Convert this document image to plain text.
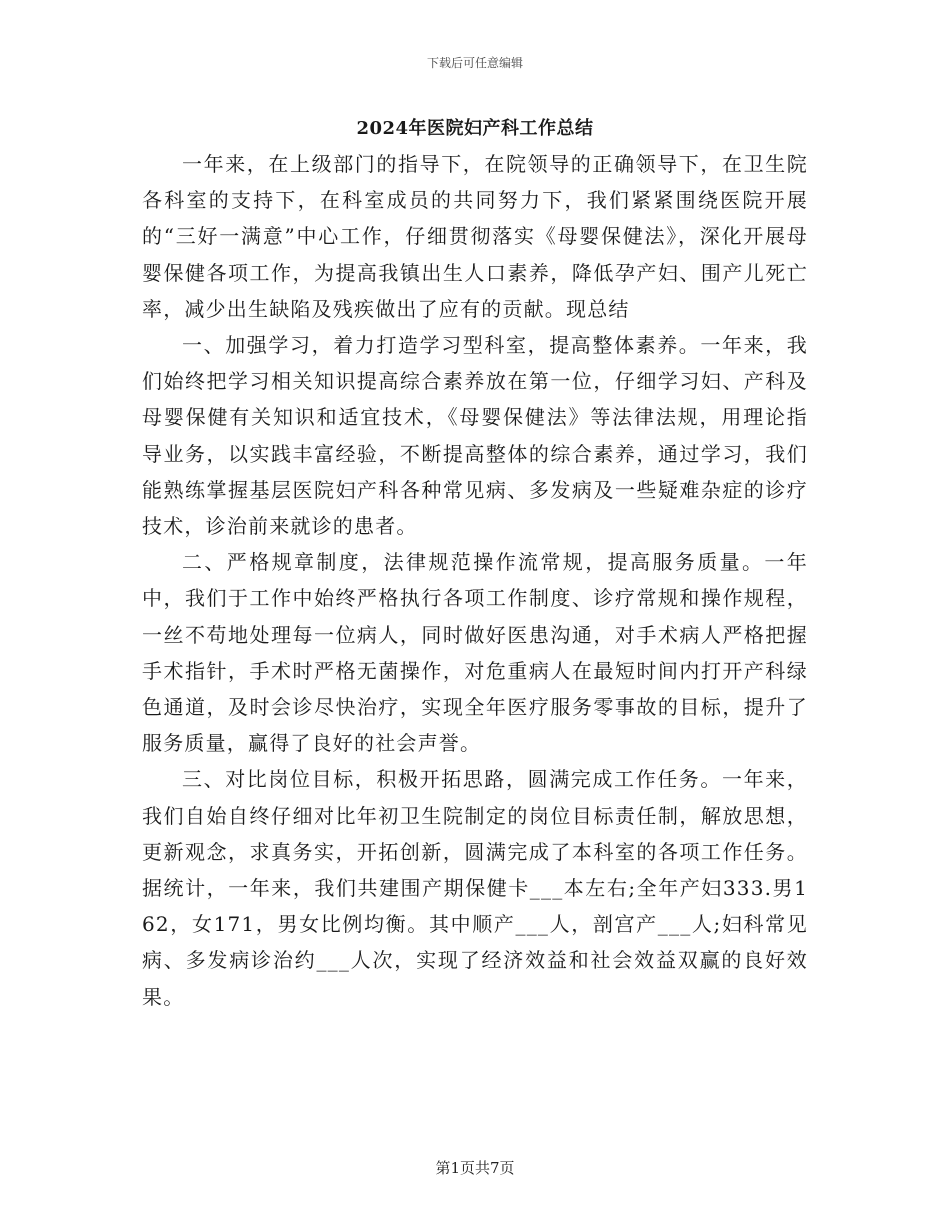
下载后可任意编辑
2024年医院妇产科工作总结

一年来，在上级部门的指导下，在院领导的正确领导下，在卫生院各科室的支持下，在科室成员的共同努力下，我们紧紧围绕医院开展的“三好一满意”中心工作，仔细贯彻落实《母婴保健法》，深化开展母婴保健各项工作，为提高我镇出生人口素养，降低孕产妇、围产儿死亡率，减少出生缺陷及残疾做出了应有的贡献。现总结

一、加强学习，着力打造学习型科室，提高整体素养。一年来，我们始终把学习相关知识提高综合素养放在第一位，仔细学习妇、产科及母婴保健有关知识和适宜技术，《母婴保健法》等法律法规，用理论指导业务，以实践丰富经验，不断提高整体的综合素养，通过学习，我们能熟练掌握基层医院妇产科各种常见病、多发病及一些疑难杂症的诊疗技术，诊治前来就诊的患者。

二、严格规章制度，法律规范操作流常规，提高服务质量。一年中，我们于工作中始终严格执行各项工作制度、诊疗常规和操作规程，一丝不苟地处理每一位病人，同时做好医患沟通，对手术病人严格把握手术指针，手术时严格无菌操作，对危重病人在最短时间内打开产科绿色通道，及时会诊尽快治疗，实现全年医疗服务零事故的目标，提升了服务质量，赢得了良好的社会声誉。

三、对比岗位目标，积极开拓思路，圆满完成工作任务。一年来，我们自始自终仔细对比年初卫生院制定的岗位目标责任制，解放思想，更新观念，求真务实，开拓创新，圆满完成了本科室的各项工作任务。据统计，一年来，我们共建围产期保健卡___本左右;全年产妇333.男162，女171，男女比例均衡。其中顺产___人，剖宫产___人;妇科常见病、多发病诊治约___人次，实现了经济效益和社会效益双赢的良好效果。

第1页共7页
